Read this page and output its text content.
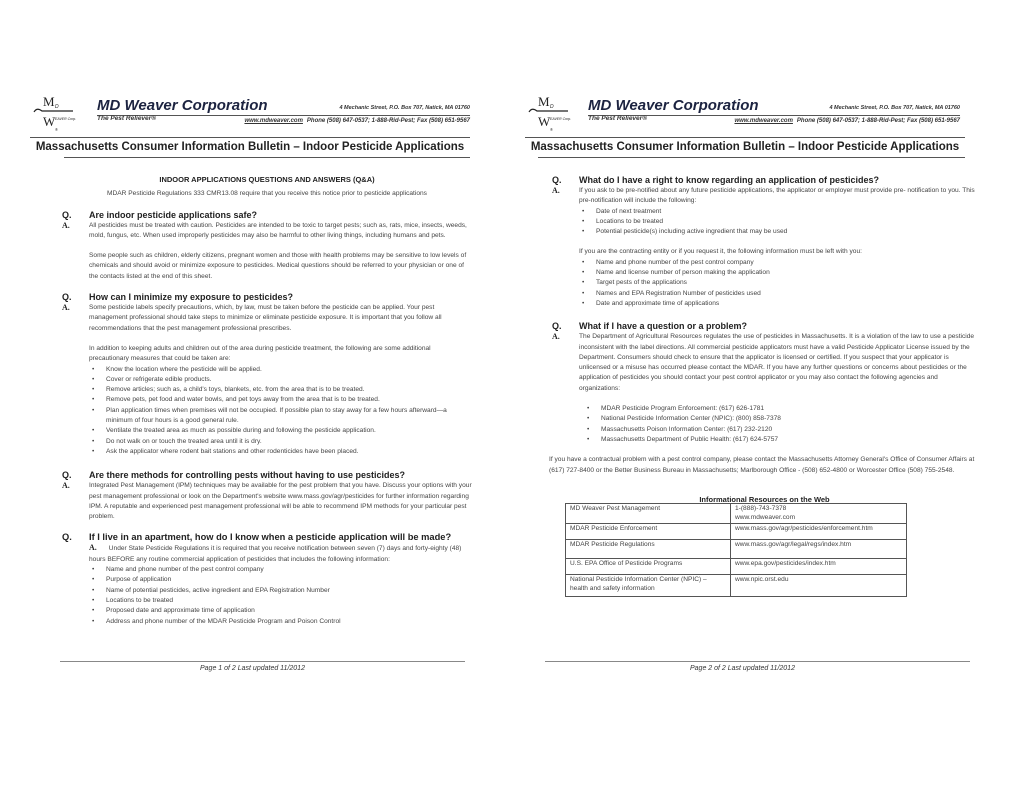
M D
W EAVER Corp.
®
MD Weaver Corporation	4 Mechanic Street, P.O. Box 707, Natick, MA 01760
The Pest Reliever®	www.mdweaver.com Phone (508) 647-0537; 1-888-Rid-Pest; Fax (508) 651-9567
Massachusetts Consumer Information Bulletin – Indoor Pesticide Applications
INDOOR APPLICATIONS QUESTIONS AND ANSWERS (Q&A)
MDAR Pesticide Regulations 333 CMR13.08 require that you receive this notice prior to pesticide applications
Q.	Are indoor pesticide applications safe?
A.	All pesticides must be treated with caution. Pesticides are intended to be toxic to target pests; such as, rats, mice, insects, weeds, mold, fungus, etc. When used improperly pesticides may also be harmful to other living things, including humans and pets.
Some people such as children, elderly citizens, pregnant women and those with health problems may be sensitive to low levels of chemicals and should avoid or minimize exposure to pesticides. Medical questions should be referred to your physician or one of the contacts listed at the end of this sheet.
Q.	How can I minimize my exposure to pesticides?
A.	Some pesticide labels specify precautions, which, by law, must be taken before the pesticide can be applied. Your pest management professional should take steps to minimize or eliminate pesticide exposure. It is important that you follow all recommendations that the pest management professional prescribes.
In addition to keeping adults and children out of the area during pesticide treatment, the following are some additional precautionary measures that could be taken are:
• Know the location where the pesticide will be applied.
• Cover or refrigerate edible products.
• Remove articles; such as, a child's toys, blankets, etc. from the area that is to be treated.
• Remove pets, pet food and water bowls, and pet toys away from the area that is to be treated.
• Plan application times when premises will not be occupied. If possible plan to stay away for a few hours afterward—a minimum of four hours is a good general rule.
• Ventilate the treated area as much as possible during and following the pesticide application.
• Do not walk on or touch the treated area until it is dry.
• Ask the applicator where rodent bait stations and other rodenticides have been placed.
Q.	Are there methods for controlling pests without having to use pesticides?
A.	Integrated Pest Management (IPM) techniques may be available for the pest problem that you have. Discuss your options with your pest management professional or look on the Department's website www.mass.gov/agr/pesticides for further information regarding IPM. A reputable and experienced pest management professional will be able to recommend IPM methods for your particular pest problem.
Q.	If I live in an apartment, how do I know when a pesticide application will be made?
A. Under State Pesticide Regulations it is required that you receive notification between seven (7) days and forty-eighty (48) hours BEFORE any routine commercial application of pesticides that includes the following information:
• Name and phone number of the pest control company
• Purpose of application
• Name of potential pesticides, active ingredient and EPA Registration Number
• Locations to be treated
• Proposed date and approximate time of application
• Address and phone number of the MDAR Pesticide Program and Poison Control
Page 1 of 2 Last updated 11/2012
M D
W EAVER Corp.
®
MD Weaver Corporation	4 Mechanic Street, P.O. Box 707, Natick, MA 01760
The Pest Reliever®	www.mdweaver.com Phone (508) 647-0537; 1-888-Rid-Pest; Fax (508) 651-9567
Massachusetts Consumer Information Bulletin – Indoor Pesticide Applications
Q.	What do I have a right to know regarding an application of pesticides?
A.	If you ask to be pre-notified about any future pesticide applications, the applicator or employer must provide pre- notification to you. This pre-notification will include the following:
• Date of next treatment
• Locations to be treated
• Potential pesticide(s) including active ingredient that may be used
If you are the contracting entity or if you request it, the following information must be left with you:
• Name and phone number of the pest control company
• Name and license number of person making the application
• Target pests of the applications
• Names and EPA Registration Number of pesticides used
• Date and approximate time of applications
Q.	What if I have a question or a problem?
A.	The Department of Agricultural Resources regulates the use of pesticides in Massachusetts. It is a violation of the law to use a pesticide inconsistent with the label directions. All commercial pesticide applicators must have a valid Pesticide Applicator License issued by the Department. Consumers should check to ensure that the applicator is licensed or certified. If you suspect that your applicator is unlicensed or a misuse has occurred please contact the MDAR. If you have any further questions or concerns about pesticides or the application of pesticides you should contact your pest control applicator or you may also contact the following agencies and organizations:
• MDAR Pesticide Program Enforcement: (617) 626-1781
• National Pesticide Information Center (NPIC): (800) 858-7378
• Massachusetts Poison Information Center: (617) 232-2120
• Massachusetts Department of Public Health: (617) 624-5757
If you have a contractual problem with a pest control company, please contact the Massachusetts Attorney General's Office of Consumer Affairs at (617) 727-8400 or the Better Business Bureau in Massachusetts; Marlborough Office - (508) 652-4800 or Worcester Office (508) 755-2548.
Informational Resources on the Web
MD Weaver Pest Management	1-(888)-743-7378
www.mdweaver.com

MDAR Pesticide Enforcement	www.mass.gov/agr/pesticides/enforcement.htm
MDAR Pesticide Regulations	www.mass.gov/agr/legal/regs/index.htm
U.S. EPA Office of Pesticide Programs	www.epa.gov/pesticides/index.htm
National Pesticide Information Center (NPIC) – health and safety information	www.npic.orst.edu
Page 2 of 2 Last updated 11/2012
